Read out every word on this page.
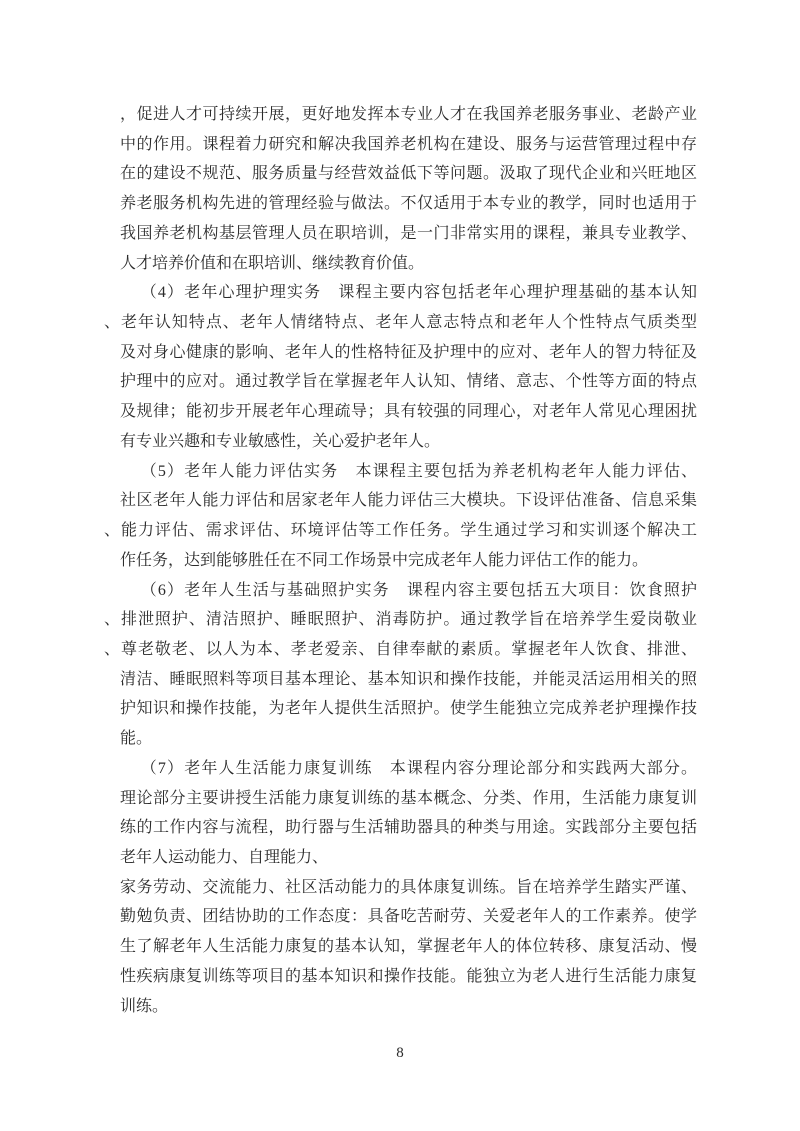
，促进人才可持续开展，更好地发挥本专业人才在我国养老服务事业、老龄产业
中的作用。课程着力研究和解决我国养老机构在建设、服务与运营管理过程中存
在的建设不规范、服务质量与经营效益低下等问题。汲取了现代企业和兴旺地区
养老服务机构先进的管理经验与做法。不仅适用于本专业的教学，同时也适用于
我国养老机构基层管理人员在职培训，是一门非常实用的课程，兼具专业教学、
人才培养价值和在职培训、继续教育价值。
（4）老年心理护理实务　课程主要内容包括老年心理护理基础的基本认知
、老年认知特点、老年人情绪特点、老年人意志特点和老年人个性特点气质类型
及对身心健康的影响、老年人的性格特征及护理中的应对、老年人的智力特征及
护理中的应对。通过教学旨在掌握老年人认知、情绪、意志、个性等方面的特点
及规律；能初步开展老年心理疏导；具有较强的同理心，对老年人常见心理困扰
有专业兴趣和专业敏感性，关心爱护老年人。
（5）老年人能力评估实务　本课程主要包括为养老机构老年人能力评估、
社区老年人能力评估和居家老年人能力评估三大模块。下设评估准备、信息采集
、能力评估、需求评估、环境评估等工作任务。学生通过学习和实训逐个解决工
作任务，达到能够胜任在不同工作场景中完成老年人能力评估工作的能力。
（6）老年人生活与基础照护实务　课程内容主要包括五大项目：饮食照护
、排泄照护、清洁照护、睡眠照护、消毒防护。通过教学旨在培养学生爱岗敬业
、尊老敬老、以人为本、孝老爱亲、自律奉献的素质。掌握老年人饮食、排泄、
清洁、睡眠照料等项目基本理论、基本知识和操作技能，并能灵活运用相关的照
护知识和操作技能，为老年人提供生活照护。使学生能独立完成养老护理操作技
能。
（7）老年人生活能力康复训练　本课程内容分理论部分和实践两大部分。
理论部分主要讲授生活能力康复训练的基本概念、分类、作用，生活能力康复训
练的工作内容与流程，助行器与生活辅助器具的种类与用途。实践部分主要包括
老年人运动能力、自理能力、
家务劳动、交流能力、社区活动能力的具体康复训练。旨在培养学生踏实严谨、
勤勉负责、团结协助的工作态度：具备吃苦耐劳、关爱老年人的工作素养。使学
生了解老年人生活能力康复的基本认知，掌握老年人的体位转移、康复活动、慢
性疾病康复训练等项目的基本知识和操作技能。能独立为老人进行生活能力康复
训练。
8
